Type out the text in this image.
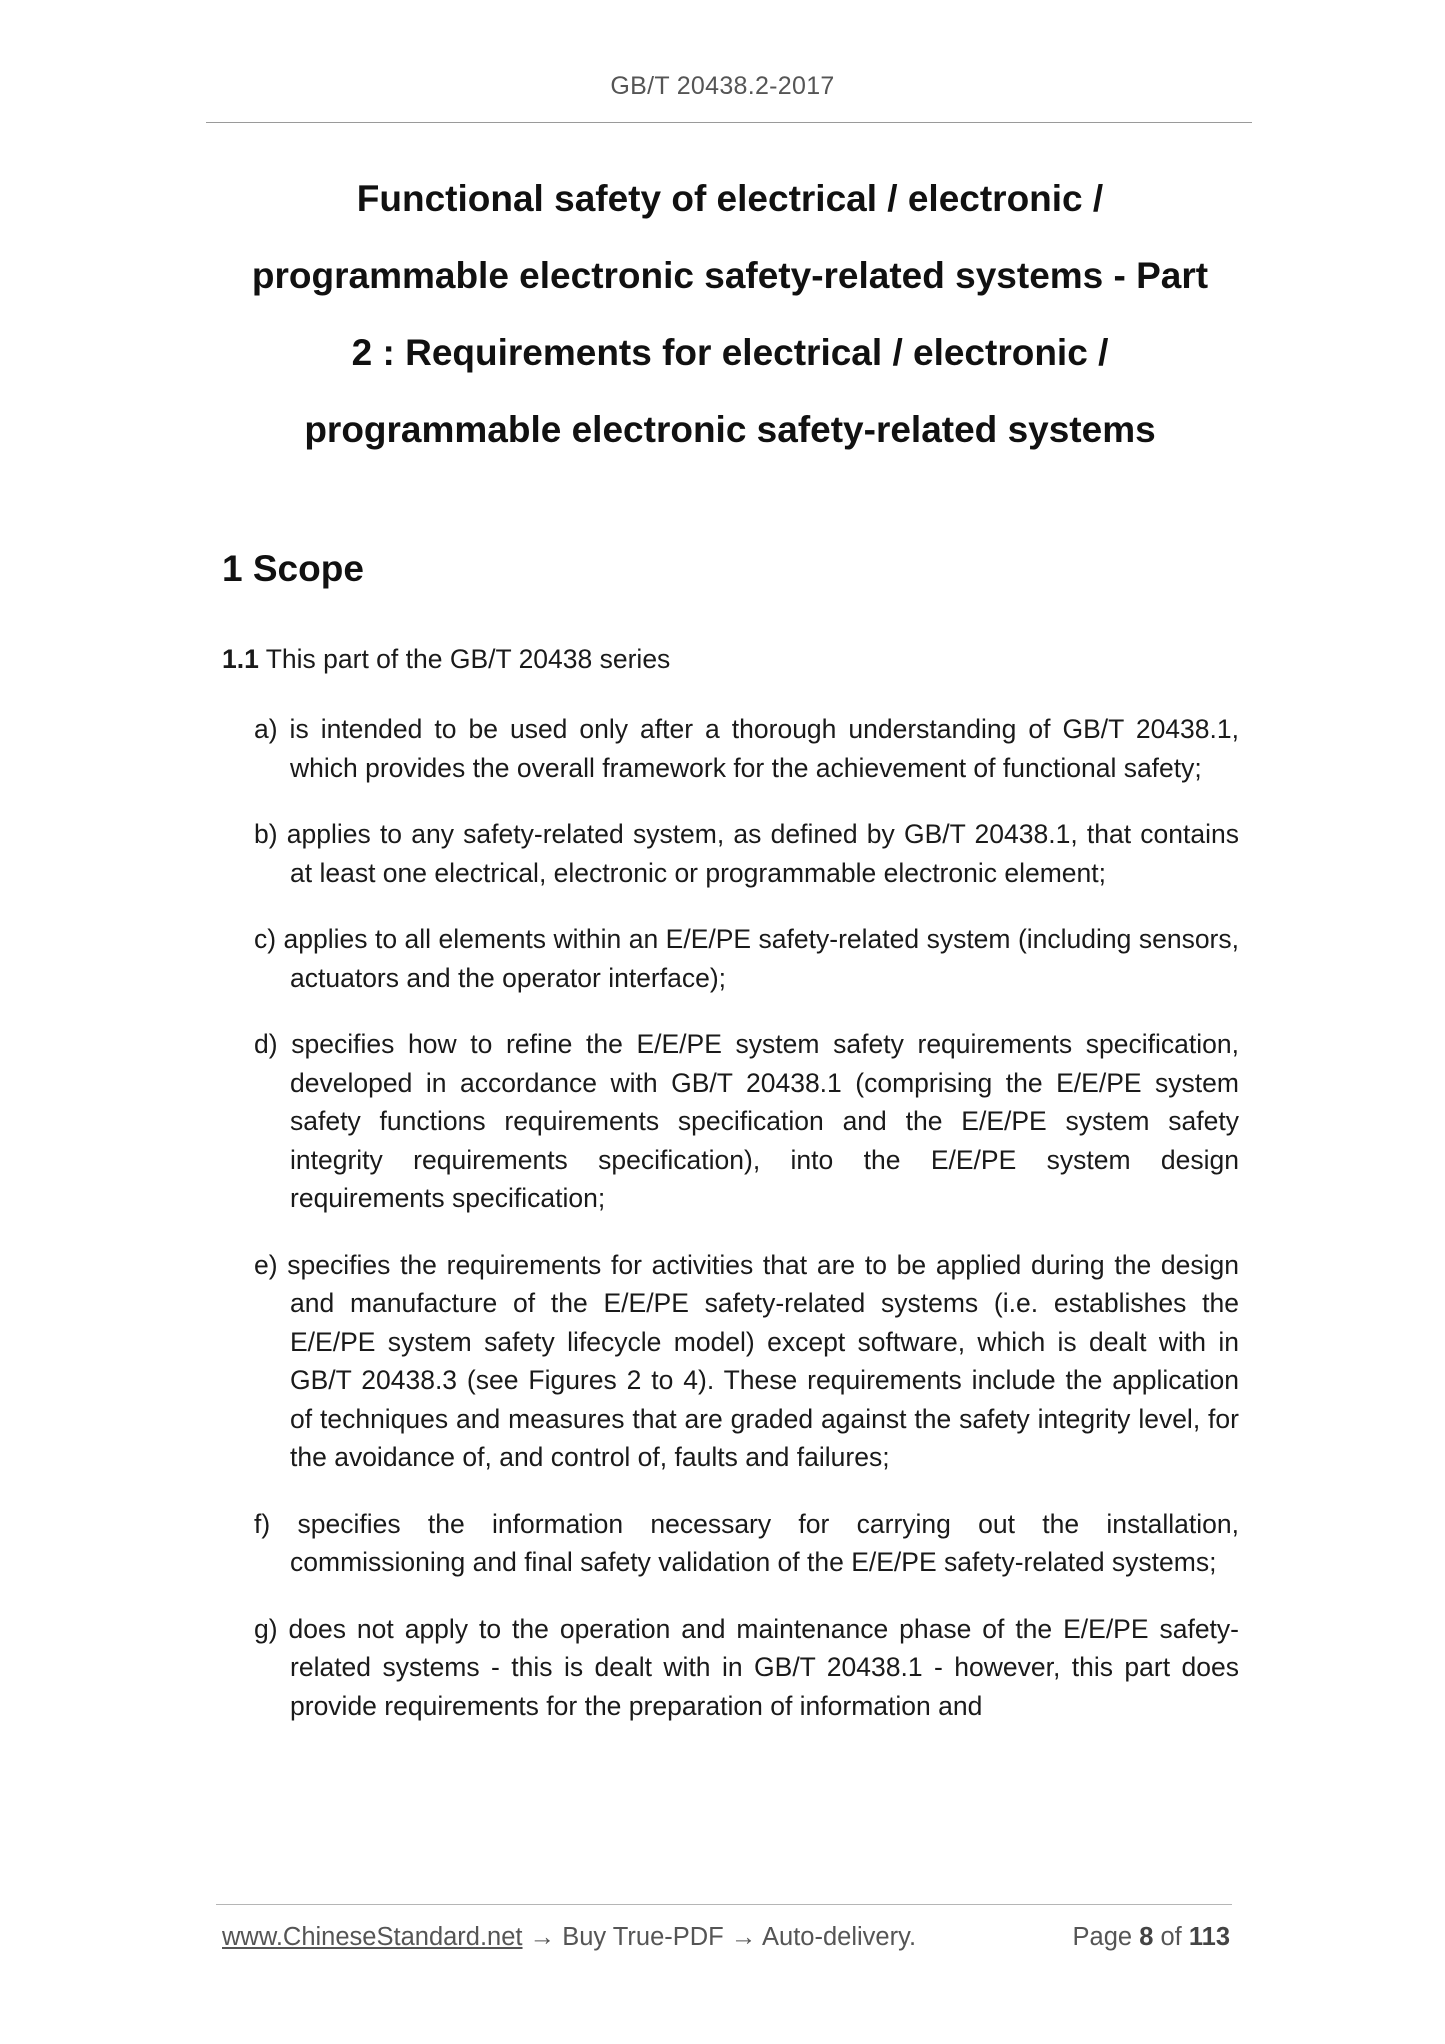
GB/T 20438.2-2017
Functional safety of electrical / electronic /
programmable electronic safety-related systems - Part
2 : Requirements for electrical / electronic /
programmable electronic safety-related systems
1 Scope
1.1 This part of the GB/T 20438 series
a) is intended to be used only after a thorough understanding of GB/T 20438.1, which provides the overall framework for the achievement of functional safety;
b) applies to any safety-related system, as defined by GB/T 20438.1, that contains at least one electrical, electronic or programmable electronic element;
c) applies to all elements within an E/E/PE safety-related system (including sensors, actuators and the operator interface);
d) specifies how to refine the E/E/PE system safety requirements specification, developed in accordance with GB/T 20438.1 (comprising the E/E/PE system safety functions requirements specification and the E/E/PE system safety integrity requirements specification), into the E/E/PE system design requirements specification;
e) specifies the requirements for activities that are to be applied during the design and manufacture of the E/E/PE safety-related systems (i.e. establishes the E/E/PE system safety lifecycle model) except software, which is dealt with in GB/T 20438.3 (see Figures 2 to 4). These requirements include the application of techniques and measures that are graded against the safety integrity level, for the avoidance of, and control of, faults and failures;
f) specifies the information necessary for carrying out the installation, commissioning and final safety validation of the E/E/PE safety-related systems;
g) does not apply to the operation and maintenance phase of the E/E/PE safety-related systems - this is dealt with in GB/T 20438.1 - however, this part does provide requirements for the preparation of information and
www.ChineseStandard.net → Buy True-PDF → Auto-delivery.	Page 8 of 113
